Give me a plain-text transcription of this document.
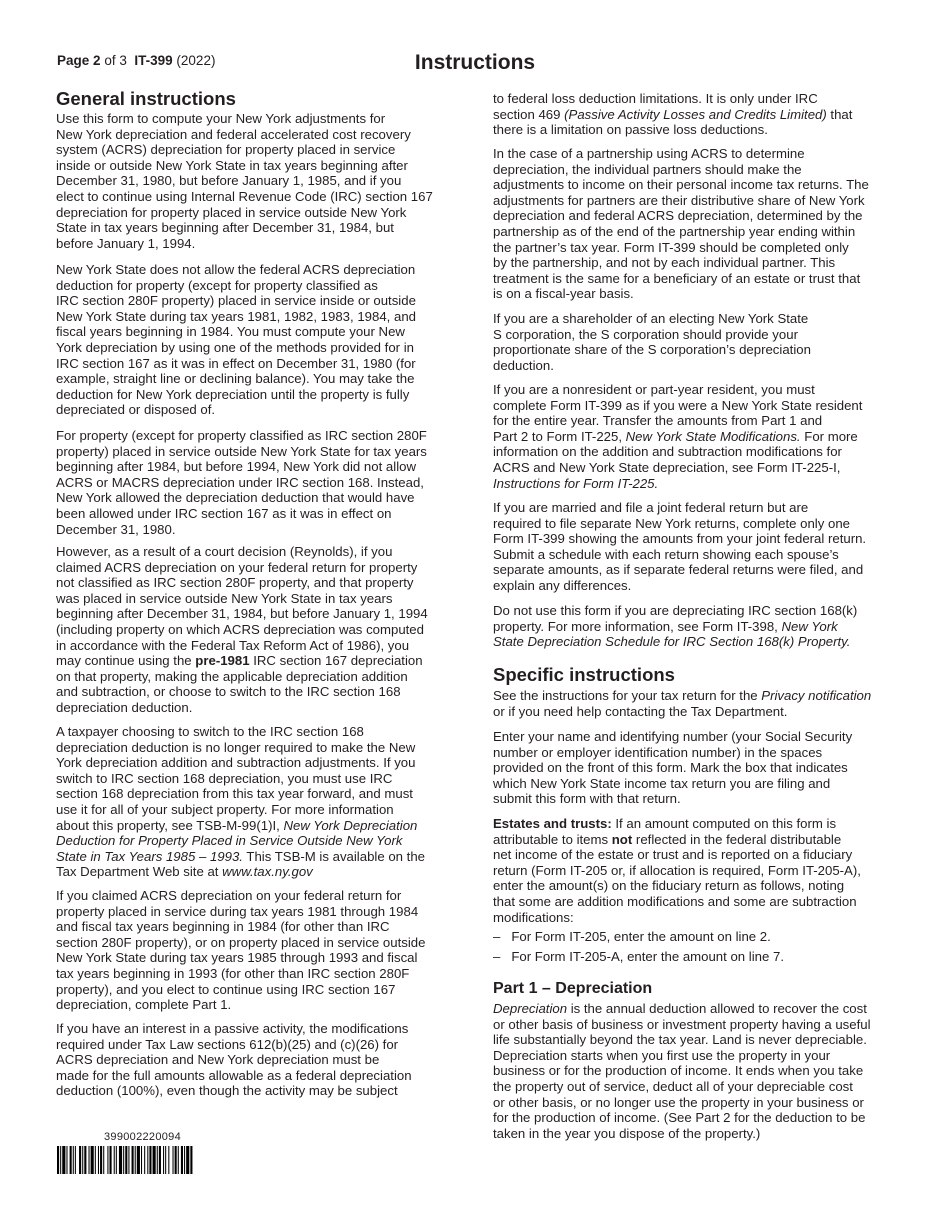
Page 2 of 3 IT-399 (2022)	Instructions
General instructions

Use this form to compute your New York adjustments for
New York depreciation and federal accelerated cost recovery
system (ACRS) depreciation for property placed in service
inside or outside New York State in tax years beginning after
December 31, 1980, but before January 1, 1985, and if you
elect to continue using Internal Revenue Code (IRC) section 167
depreciation for property placed in service outside New York
State in tax years beginning after December 31, 1984, but
before January 1, 1994.

New York State does not allow the federal ACRS depreciation
deduction for property (except for property classified as
IRC section 280F property) placed in service inside or outside
New York State during tax years 1981, 1982, 1983, 1984, and
fiscal years beginning in 1984. You must compute your New
York depreciation by using one of the methods provided for in
IRC section 167 as it was in effect on December 31, 1980 (for
example, straight line or declining balance). You may take the
deduction for New York depreciation until the property is fully
depreciated or disposed of.

For property (except for property classified as IRC section 280F
property) placed in service outside New York State for tax years
beginning after 1984, but before 1994, New York did not allow
ACRS or MACRS depreciation under IRC section 168. Instead,
New York allowed the depreciation deduction that would have
been allowed under IRC section 167 as it was in effect on
December 31, 1980.

However, as a result of a court decision (Reynolds), if you
claimed ACRS depreciation on your federal return for property
not classified as IRC section 280F property, and that property
was placed in service outside New York State in tax years
beginning after December 31, 1984, but before January 1, 1994
(including property on which ACRS depreciation was computed
in accordance with the Federal Tax Reform Act of 1986), you
may continue using the pre-1981 IRC section 167 depreciation
on that property, making the applicable depreciation addition
and subtraction, or choose to switch to the IRC section 168
depreciation deduction.

A taxpayer choosing to switch to the IRC section 168
depreciation deduction is no longer required to make the New
York depreciation addition and subtraction adjustments. If you
switch to IRC section 168 depreciation, you must use IRC
section 168 depreciation from this tax year forward, and must
use it for all of your subject property. For more information
about this property, see TSB-M-99(1)I, New York Depreciation
Deduction for Property Placed in Service Outside New York
State in Tax Years 1985 – 1993. This TSB-M is available on the
Tax Department Web site at www.tax.ny.gov

If you claimed ACRS depreciation on your federal return for
property placed in service during tax years 1981 through 1984
and fiscal tax years beginning in 1984 (for other than IRC
section 280F property), or on property placed in service outside
New York State during tax years 1985 through 1993 and fiscal
tax years beginning in 1993 (for other than IRC section 280F
property), and you elect to continue using IRC section 167
depreciation, complete Part 1.

If you have an interest in a passive activity, the modifications
required under Tax Law sections 612(b)(25) and (c)(26) for
ACRS depreciation and New York depreciation must be
made for the full amounts allowable as a federal depreciation
deduction (100%), even though the activity may be subject

to federal loss deduction limitations. It is only under IRC
section 469 (Passive Activity Losses and Credits Limited) that
there is a limitation on passive loss deductions.

In the case of a partnership using ACRS to determine
depreciation, the individual partners should make the
adjustments to income on their personal income tax returns. The
adjustments for partners are their distributive share of New York
depreciation and federal ACRS depreciation, determined by the
partnership as of the end of the partnership year ending within
the partner’s tax year. Form IT-399 should be completed only
by the partnership, and not by each individual partner. This
treatment is the same for a beneficiary of an estate or trust that
is on a fiscal-year basis.

If you are a shareholder of an electing New York State
S corporation, the S corporation should provide your
proportionate share of the S corporation’s depreciation
deduction.

If you are a nonresident or part-year resident, you must
complete Form IT-399 as if you were a New York State resident
for the entire year. Transfer the amounts from Part 1 and
Part 2 to Form IT-225, New York State Modifications. For more
information on the addition and subtraction modifications for
ACRS and New York State depreciation, see Form IT-225-I,
Instructions for Form IT-225.

If you are married and file a joint federal return but are
required to file separate New York returns, complete only one
Form IT-399 showing the amounts from your joint federal return.
Submit a schedule with each return showing each spouse’s
separate amounts, as if separate federal returns were filed, and
explain any differences.

Do not use this form if you are depreciating IRC section 168(k)
property. For more information, see Form IT-398, New York
State Depreciation Schedule for IRC Section 168(k) Property.

Specific instructions

See the instructions for your tax return for the Privacy notification
or if you need help contacting the Tax Department.

Enter your name and identifying number (your Social Security
number or employer identification number) in the spaces
provided on the front of this form. Mark the box that indicates
which New York State income tax return you are filing and
submit this form with that return.

Estates and trusts: If an amount computed on this form is
attributable to items not reflected in the federal distributable
net income of the estate or trust and is reported on a fiduciary
return (Form IT-205 or, if allocation is required, Form IT-205-A),
enter the amount(s) on the fiduciary return as follows, noting
that some are addition modifications and some are subtraction
modifications:

–   For Form IT-205, enter the amount on line 2.

–   For Form IT-205-A, enter the amount on line 7.

Part 1 – Depreciation

Depreciation is the annual deduction allowed to recover the cost
or other basis of business or investment property having a useful
life substantially beyond the tax year. Land is never depreciable.
Depreciation starts when you first use the property in your
business or for the production of income. It ends when you take
the property out of service, deduct all of your depreciable cost
or other basis, or no longer use the property in your business or
for the production of income. (See Part 2 for the deduction to be
taken in the year you dispose of the property.)

399002220094
